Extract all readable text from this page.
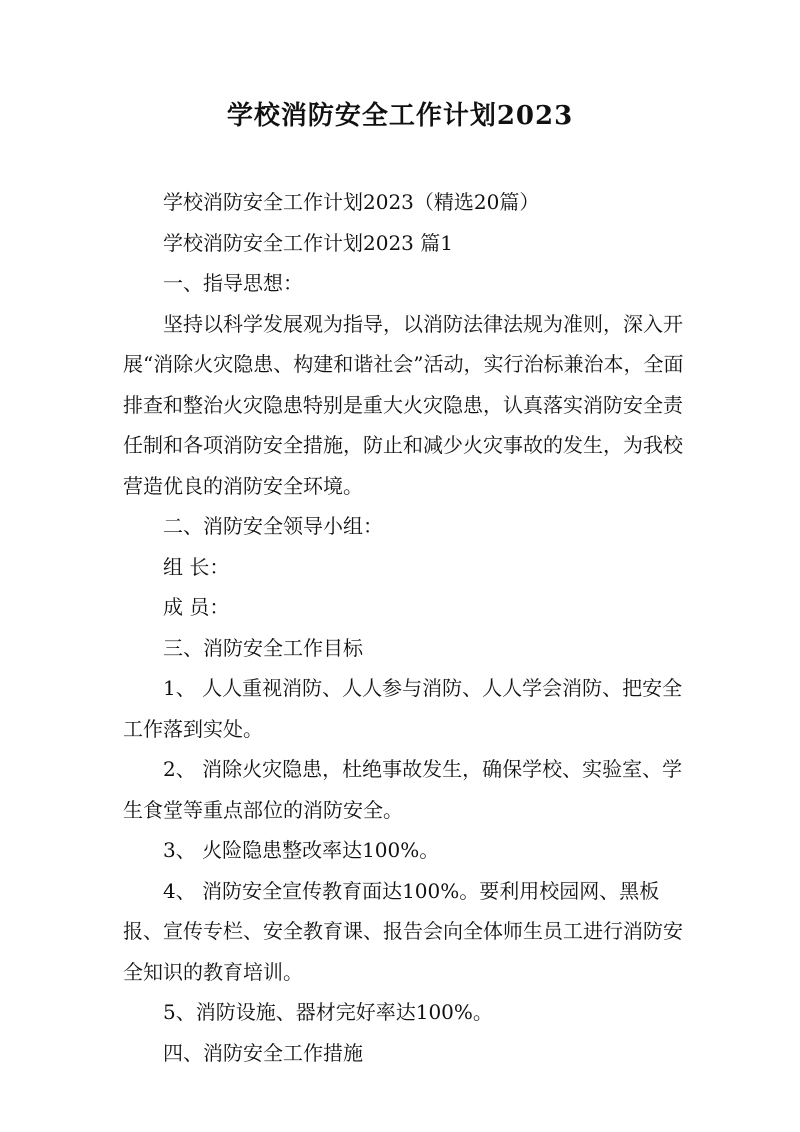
学校消防安全工作计划2023

学校消防安全工作计划2023（精选20篇）

学校消防安全工作计划2023 篇1

一、指导思想：

坚持以科学发展观为指导，以消防法律法规为准则，深入开展“消除火灾隐患、构建和谐社会”活动，实行治标兼治本，全面排查和整治火灾隐患特别是重大火灾隐患，认真落实消防安全责任制和各项消防安全措施，防止和减少火灾事故的发生，为我校营造优良的消防安全环境。

二、消防安全领导小组：

组 长：

成 员：

三、消防安全工作目标

1、 人人重视消防、人人参与消防、人人学会消防、把安全工作落到实处。

2、 消除火灾隐患，杜绝事故发生，确保学校、实验室、学生食堂等重点部位的消防安全。

3、 火险隐患整改率达100%。

4、 消防安全宣传教育面达100%。要利用校园网、黑板报、宣传专栏、安全教育课、报告会向全体师生员工进行消防安全知识的教育培训。

5、消防设施、器材完好率达100%。

四、消防安全工作措施
